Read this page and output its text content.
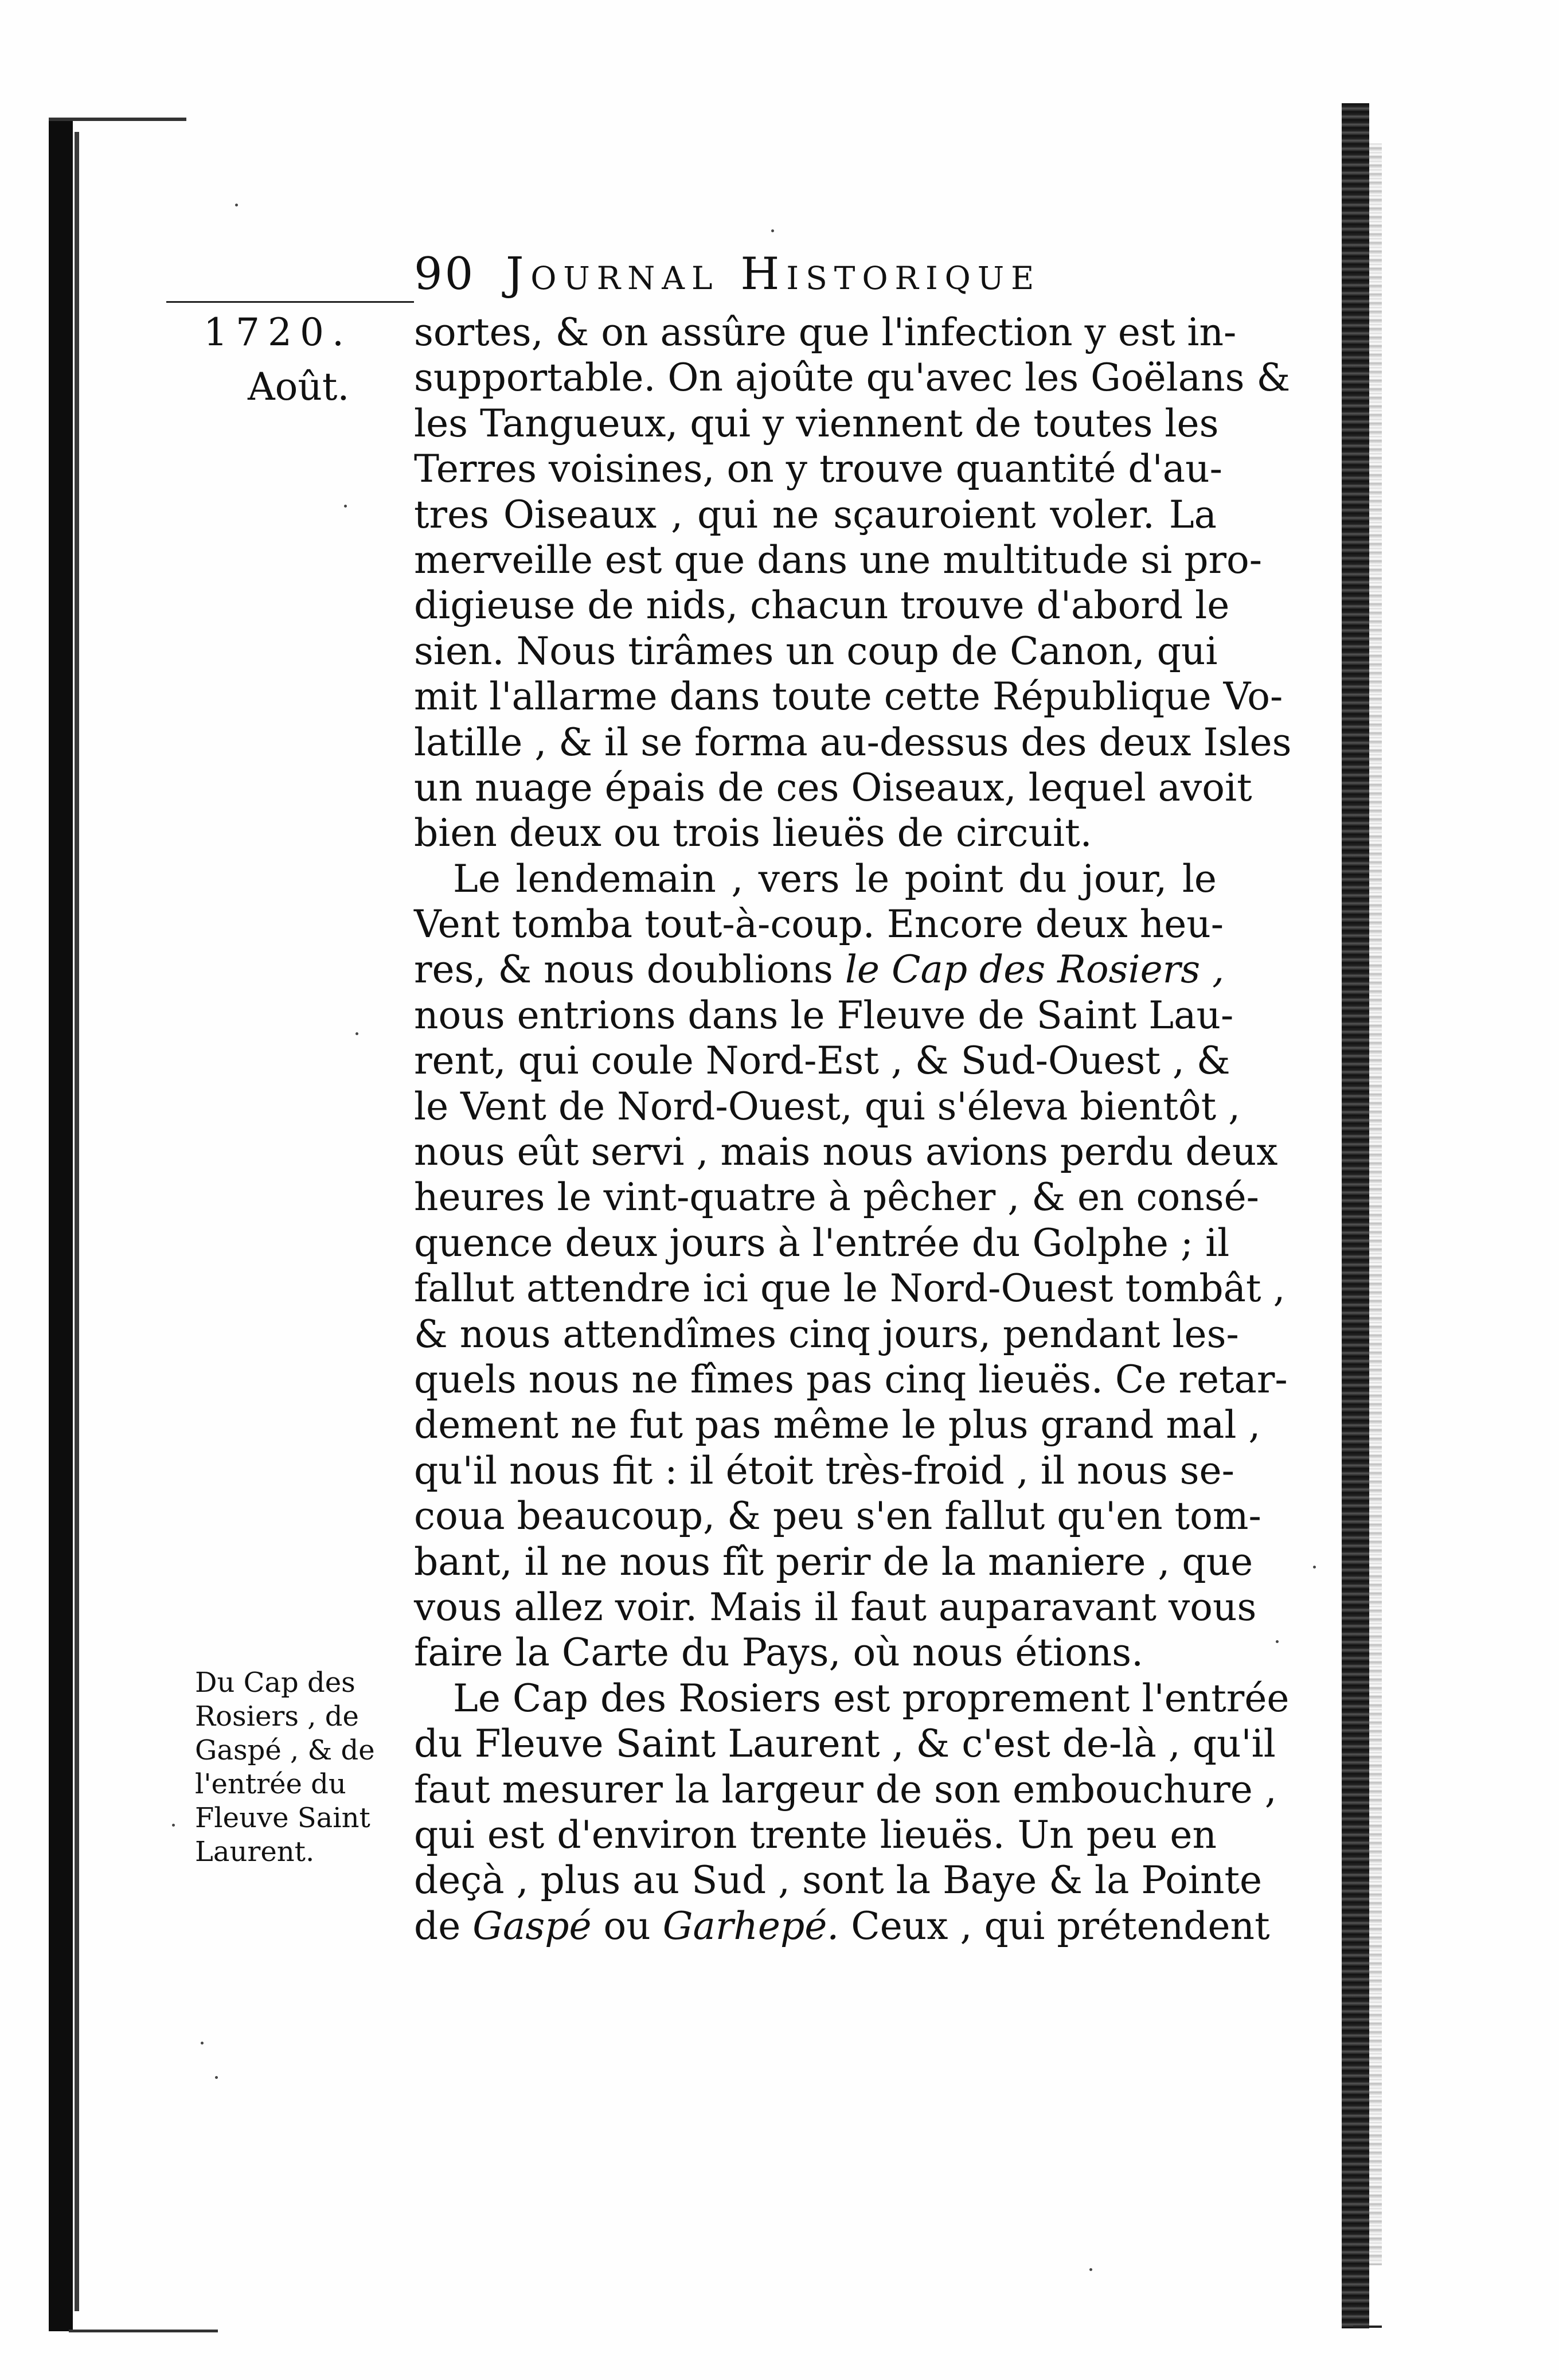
90 Journal Historique
1720.
Août.
Du Cap des
Rosiers , de
Gaspé , & de
l'entrée du
Fleuve Saint
Laurent.
sortes, & on assûre que l'infection y est in-
supportable. On ajoûte qu'avec les Goëlans &
les Tangueux, qui y viennent de toutes les
Terres voisines, on y trouve quantité d'au-
tres Oiseaux , qui ne sçauroient voler. La
merveille est que dans une multitude si pro-
digieuse de nids, chacun trouve d'abord le
sien. Nous tirâmes un coup de Canon, qui
mit l'allarme dans toute cette République Vo-
latille , & il se forma au-dessus des deux Isles
un nuage épais de ces Oiseaux, lequel avoit
bien deux ou trois lieuës de circuit.
Le lendemain , vers le point du jour, le
Vent tomba tout-à-coup. Encore deux heu-
res, & nous doublions le Cap des Rosiers ,
nous entrions dans le Fleuve de Saint Lau-
rent, qui coule Nord-Est , & Sud-Ouest , &
le Vent de Nord-Ouest, qui s'éleva bientôt ,
nous eût servi , mais nous avions perdu deux
heures le vint-quatre à pêcher , & en consé-
quence deux jours à l'entrée du Golphe ; il
fallut attendre ici que le Nord-Ouest tombât ,
& nous attendîmes cinq jours, pendant les-
quels nous ne fîmes pas cinq lieuës. Ce retar-
dement ne fut pas même le plus grand mal ,
qu'il nous fit : il étoit très-froid , il nous se-
coua beaucoup, & peu s'en fallut qu'en tom-
bant, il ne nous fît perir de la maniere , que
vous allez voir. Mais il faut auparavant vous
faire la Carte du Pays, où nous étions.
Le Cap des Rosiers est proprement l'entrée
du Fleuve Saint Laurent , & c'est de-là , qu'il
faut mesurer la largeur de son embouchure ,
qui est d'environ trente lieuës. Un peu en
deçà , plus au Sud , sont la Baye & la Pointe
de Gaspé ou Garhepé. Ceux , qui prétendent
